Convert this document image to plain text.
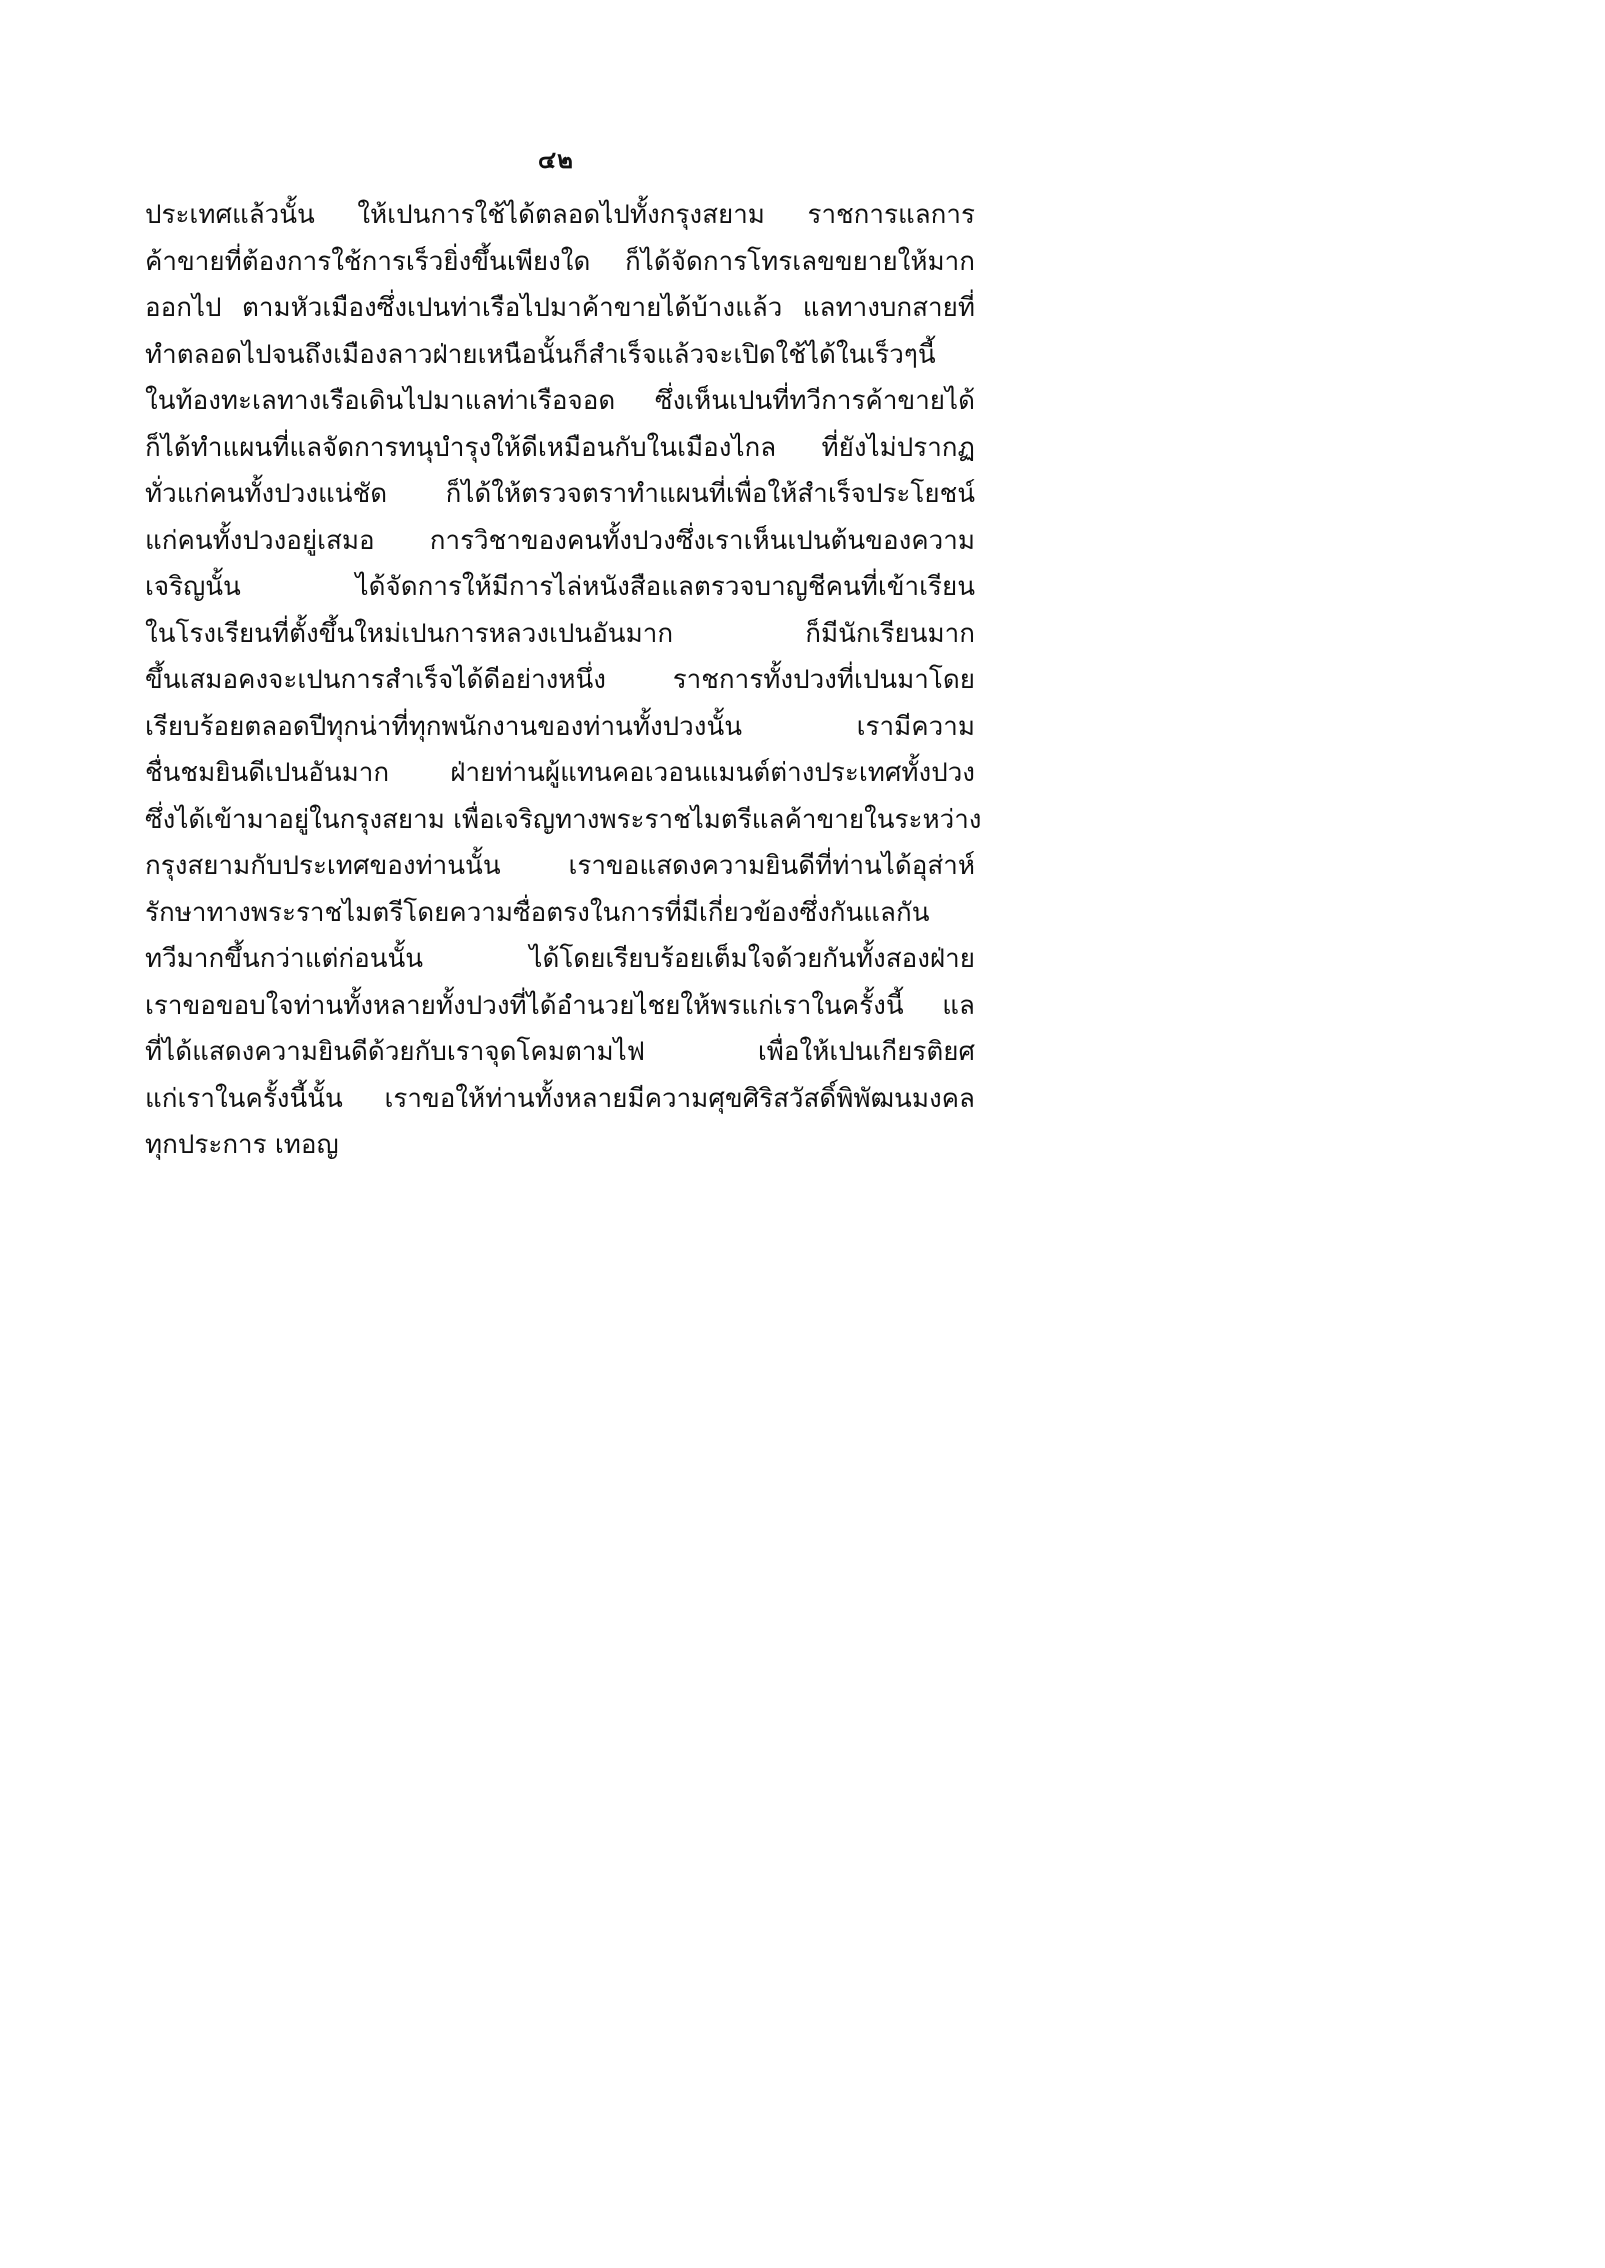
๔๒
ประเทศแล้วนั้น ให้เปนการใช้ได้ตลอดไปทั้งกรุงสยาม ราชการแลการ
ค้าขายที่ต้องการใช้การเร็วยิ่งขึ้นเพียงใด ก็ได้จัดการโทรเลขขยายให้มาก
ออกไป ตามหัวเมืองซึ่งเปนท่าเรือไปมาค้าขายได้บ้างแล้ว แลทางบกสายที่
ทำตลอดไปจนถึงเมืองลาวฝ่ายเหนือนั้นก็สำเร็จแล้วจะเปิดใช้ได้ในเร็วๆนี้
ในท้องทะเลทางเรือเดินไปมาแลท่าเรือจอด ซึ่งเห็นเปนที่ทวีการค้าขายได้
ก็ได้ทำแผนที่แลจัดการทนุบำรุงให้ดีเหมือนกับในเมืองไกล ที่ยังไม่ปรากฏ
ทั่วแก่คนทั้งปวงแน่ชัด ก็ได้ให้ตรวจตราทำแผนที่เพื่อให้สำเร็จประโยชน์
แก่คนทั้งปวงอยู่เสมอ การวิชาของคนทั้งปวงซึ่งเราเห็นเปนต้นของความ
เจริญนั้น ได้จัดการให้มีการไล่หนังสือแลตรวจบาญชีคนที่เข้าเรียน
ในโรงเรียนที่ตั้งขึ้นใหม่เปนการหลวงเปนอันมาก ก็มีนักเรียนมาก
ขึ้นเสมอคงจะเปนการสำเร็จได้ดีอย่างหนึ่ง ราชการทั้งปวงที่เปนมาโดย
เรียบร้อยตลอดปีทุกน่าที่ทุกพนักงานของท่านทั้งปวงนั้น เรามีความ
ชื่นชมยินดีเปนอันมาก ฝ่ายท่านผู้แทนคอเวอนแมนต์ต่างประเทศทั้งปวง
ซึ่งได้เข้ามาอยู่ในกรุงสยาม เพื่อเจริญทางพระราชไมตรีแลค้าขายในระหว่าง
กรุงสยามกับประเทศของท่านนั้น เราขอแสดงความยินดีที่ท่านได้อุส่าห์
รักษาทางพระราชไมตรีโดยความซื่อตรงในการที่มีเกี่ยวข้องซึ่งกันแลกัน
ทวีมากขึ้นกว่าแต่ก่อนนั้น ได้โดยเรียบร้อยเต็มใจด้วยกันทั้งสองฝ่าย
เราขอขอบใจท่านทั้งหลายทั้งปวงที่ได้อำนวยไชยให้พรแก่เราในครั้งนี้ แล
ที่ได้แสดงความยินดีด้วยกับเราจุดโคมตามไฟ เพื่อให้เปนเกียรติยศ
แก่เราในครั้งนี้นั้น เราขอให้ท่านทั้งหลายมีความศุขศิริสวัสดิ์พิพัฒนมงคล
ทุกประการ เทอญ
